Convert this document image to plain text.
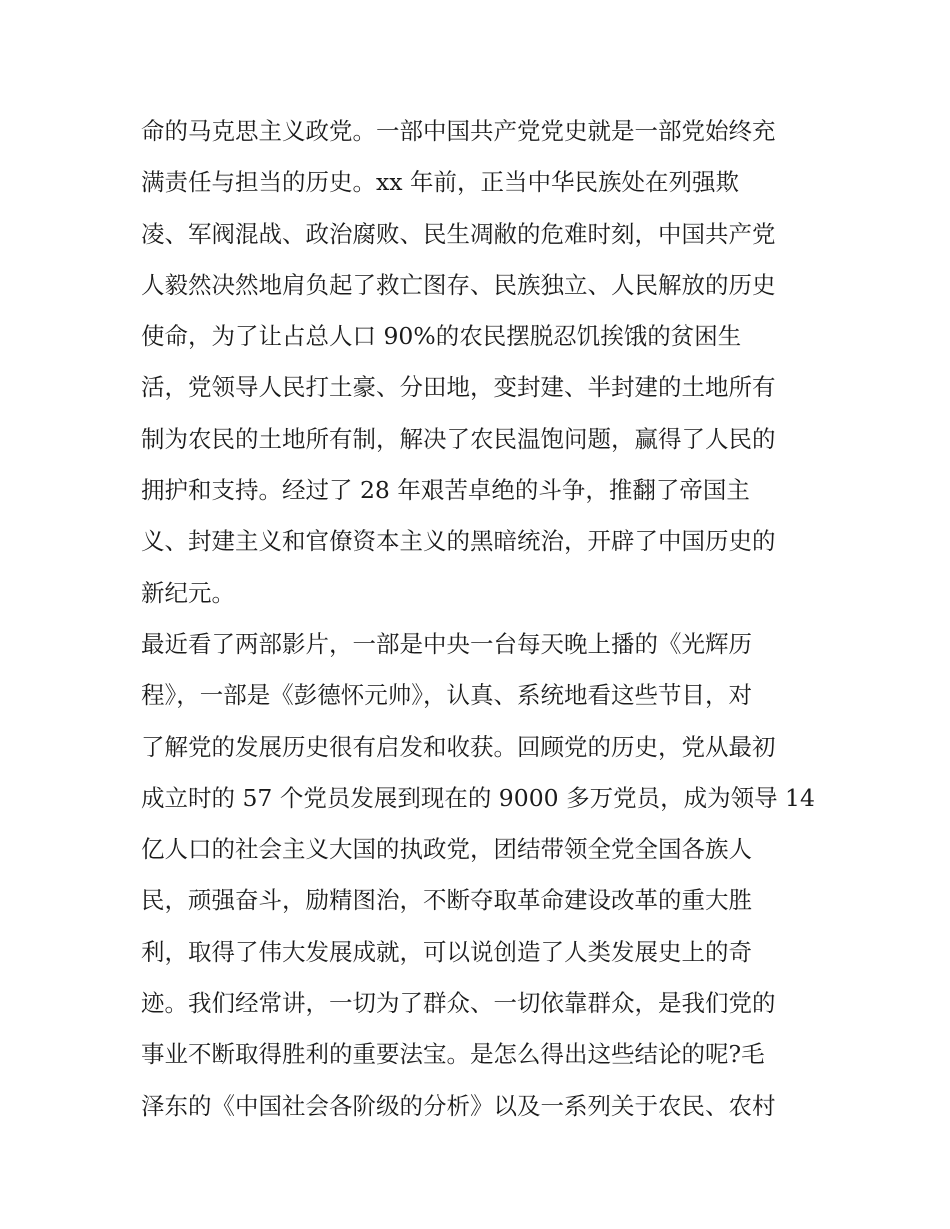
命的马克思主义政党。一部中国共产党党史就是一部党始终充
满责任与担当的历史。xx 年前，正当中华民族处在列强欺
凌、军阀混战、政治腐败、民生凋敝的危难时刻，中国共产党
人毅然决然地肩负起了救亡图存、民族独立、人民解放的历史
使命，为了让占总人口 90%的农民摆脱忍饥挨饿的贫困生
活，党领导人民打土豪、分田地，变封建、半封建的土地所有
制为农民的土地所有制，解决了农民温饱问题，赢得了人民的
拥护和支持。经过了 28 年艰苦卓绝的斗争，推翻了帝国主
义、封建主义和官僚资本主义的黑暗统治，开辟了中国历史的
新纪元。
最近看了两部影片，一部是中央一台每天晚上播的《光辉历
程》，一部是《彭德怀元帅》，认真、系统地看这些节目，对
了解党的发展历史很有启发和收获。回顾党的历史，党从最初
成立时的 57 个党员发展到现在的 9000 多万党员，成为领导 14
亿人口的社会主义大国的执政党，团结带领全党全国各族人
民，顽强奋斗，励精图治，不断夺取革命建设改革的重大胜
利，取得了伟大发展成就，可以说创造了人类发展史上的奇
迹。我们经常讲，一切为了群众、一切依靠群众，是我们党的
事业不断取得胜利的重要法宝。是怎么得出这些结论的呢?毛
泽东的《中国社会各阶级的分析》以及一系列关于农民、农村
